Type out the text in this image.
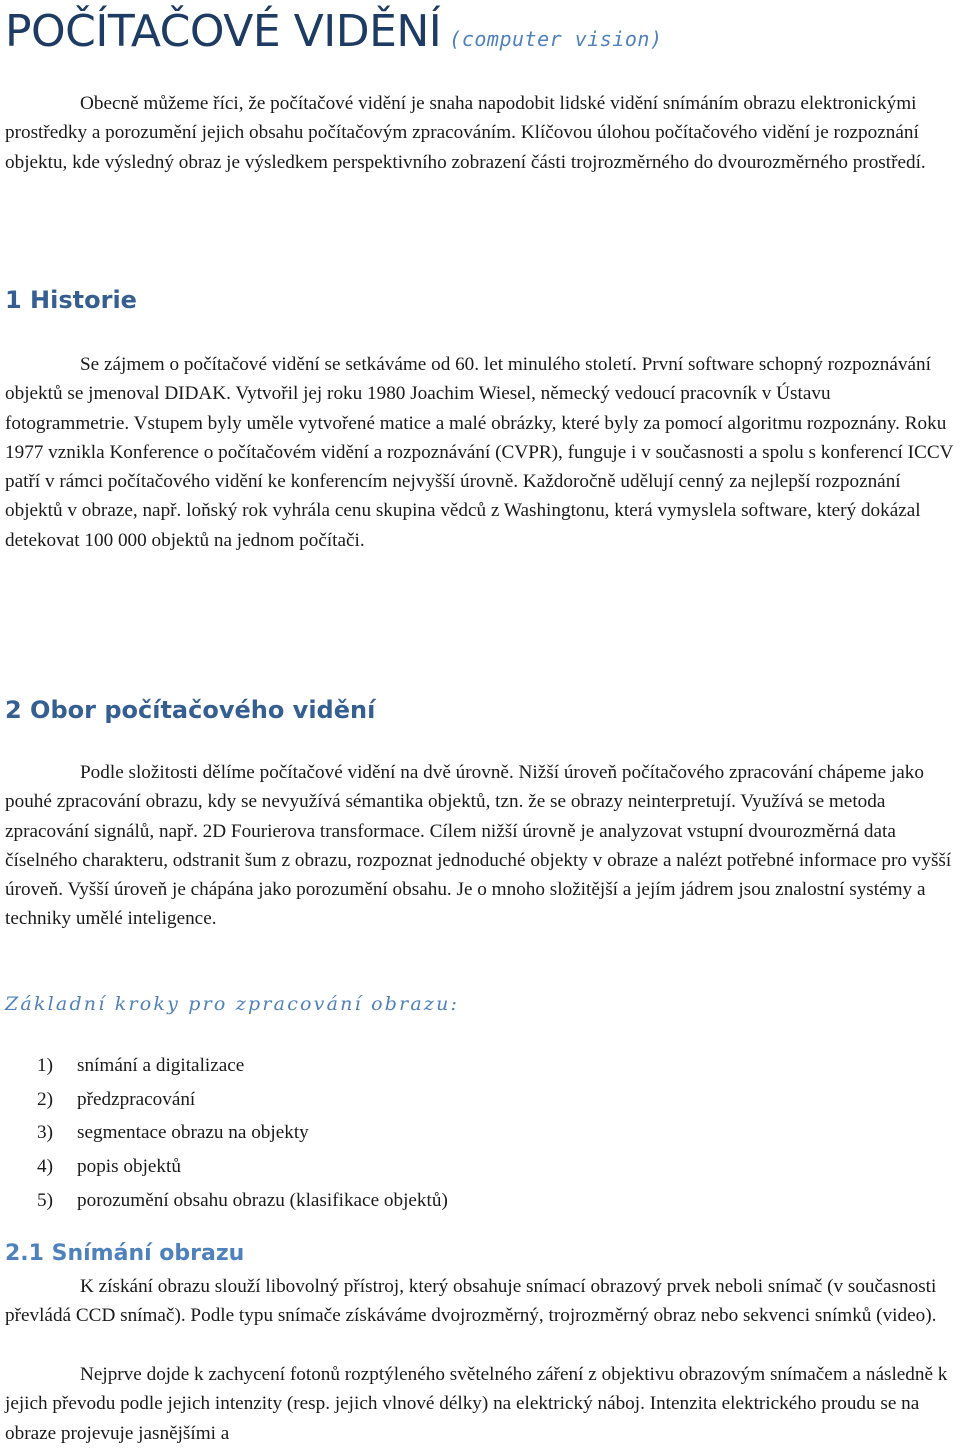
POČÍTAČOVÉ VIDĚNÍ (computer vision)

Obecně můžeme říci, že počítačové vidění je snaha napodobit lidské vidění snímáním obrazu elektronickými prostředky a porozumění jejich obsahu počítačovým zpracováním. Klíčovou úlohou počítačového vidění je rozpoznání objektu, kde výsledný obraz je výsledkem perspektivního zobrazení části trojrozměrného do dvourozměrného prostředí.

1 Historie

Se zájmem o počítačové vidění se setkáváme od 60. let minulého století. První software schopný rozpoznávání objektů se jmenoval DIDAK. Vytvořil jej roku 1980 Joachim Wiesel, německý vedoucí pracovník v Ústavu fotogrammetrie. Vstupem byly uměle vytvořené matice a malé obrázky, které byly za pomocí algoritmu rozpoznány. Roku 1977 vznikla Konference o počítačovém vidění a rozpoznávání (CVPR), funguje i v současnosti a spolu s konferencí ICCV patří v rámci počítačového vidění ke konferencím nejvyšší úrovně. Každoročně udělují cenný za nejlepší rozpoznání objektů v obraze, např. loňský rok vyhrála cenu skupina vědců z Washingtonu, která vymyslela software, který dokázal detekovat 100 000 objektů na jednom počítači.

2 Obor počítačového vidění

Podle složitosti dělíme počítačové vidění na dvě úrovně. Nižší úroveň počítačového zpracování chápeme jako pouhé zpracování obrazu, kdy se nevyužívá sémantika objektů, tzn. že se obrazy neinterpretují. Využívá se metoda zpracování signálů, např. 2D Fourierova transformace. Cílem nižší úrovně je analyzovat vstupní dvourozměrná data číselného charakteru, odstranit šum z obrazu, rozpoznat jednoduché objekty v obraze a nalézt potřebné informace pro vyšší úroveň. Vyšší úroveň je chápána jako porozumění obsahu. Je o mnoho složitější a jejím jádrem jsou znalostní systémy a techniky umělé inteligence.

Základní kroky pro zpracování obrazu:

1) snímání a digitalizace
2) předzpracování
3) segmentace obrazu na objekty
4) popis objektů
5) porozumění obsahu obrazu (klasifikace objektů)
2.1 Snímání obrazu

K získání obrazu slouží libovolný přístroj, který obsahuje snímací obrazový prvek neboli snímač (v současnosti převládá CCD snímač). Podle typu snímače získáváme dvojrozměrný, trojrozměrný obraz nebo sekvenci snímků (video).

Nejprve dojde k zachycení fotonů rozptýleného světelného záření z objektivu obrazovým snímačem a následně k jejich převodu podle jejich intenzity (resp. jejich vlnové délky) na elektrický náboj. Intenzita elektrického proudu se na obraze projevuje jasnějšími a
